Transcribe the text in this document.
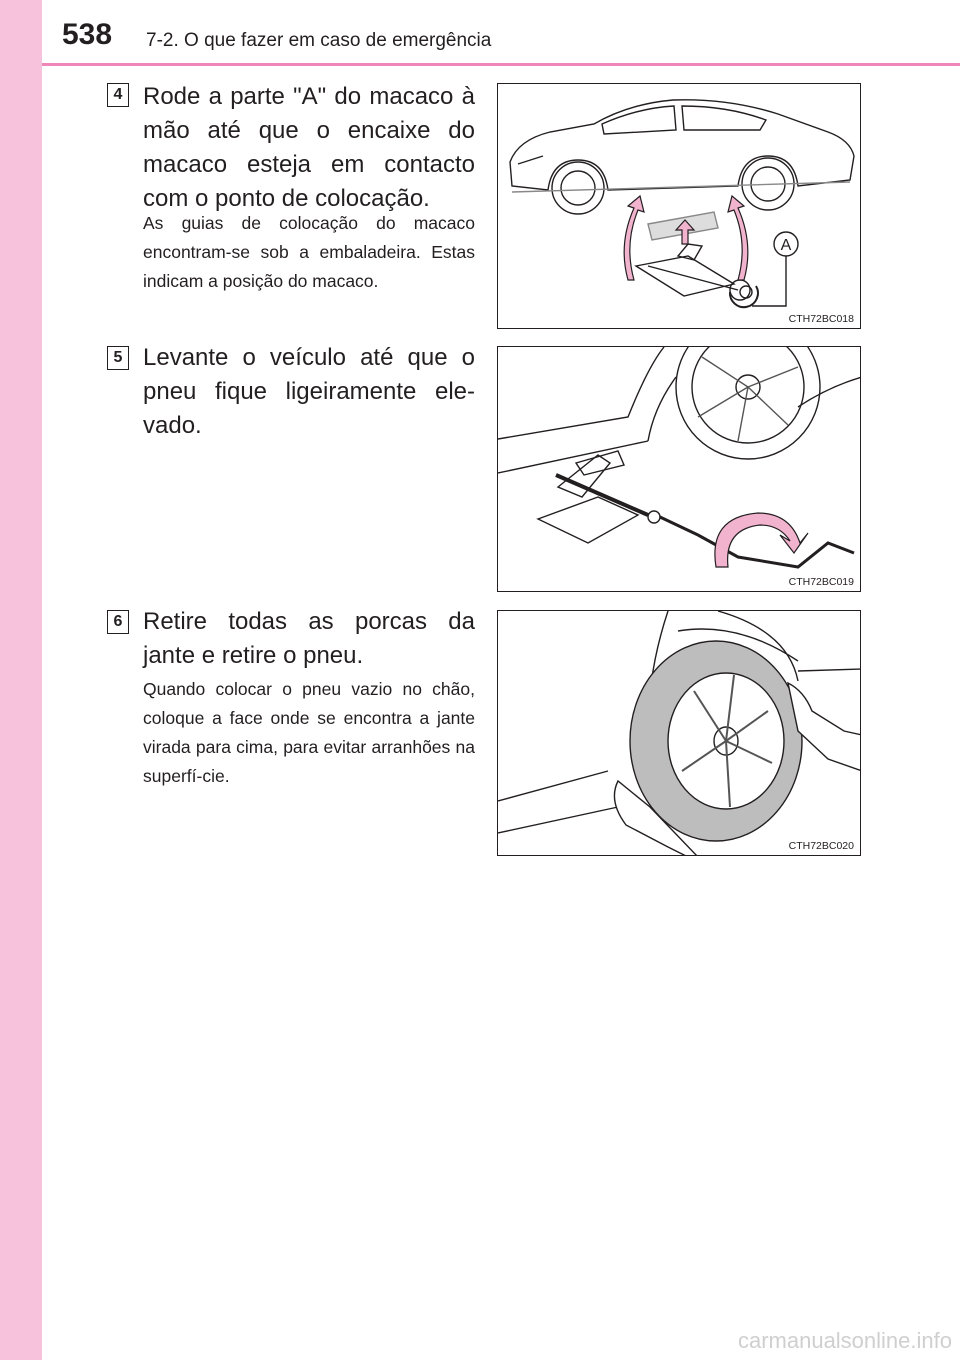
538 7-2. O que fazer em caso de emergência
4 Rode a parte "A" do macaco à mão até que o encaixe do macaco esteja em contacto com o ponto de colocação.
As guias de colocação do macaco encontram-se sob a embaladeira. Estas indicam a posição do macaco.
A
CTH72BC018
5 Levante o veículo até que o pneu fique ligeiramente ele-vado.
CTH72BC019
6 Retire todas as porcas da jante e retire o pneu.
Quando colocar o pneu vazio no chão, coloque a face onde se encontra a jante virada para cima, para evitar arranhões na superfí-cie.
CTH72BC020
carmanualsonline.info
